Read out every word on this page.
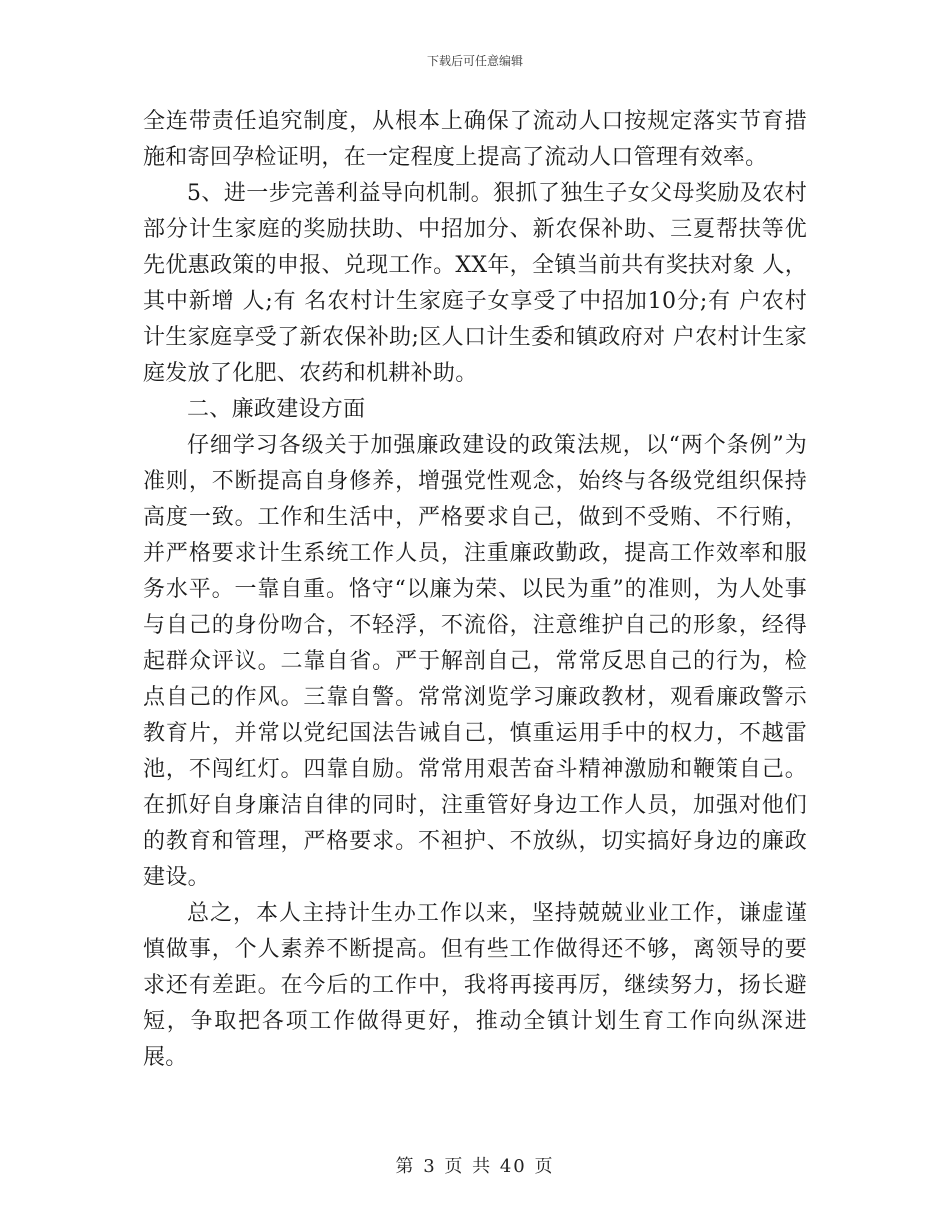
下载后可任意编辑

全连带责任追究制度，从根本上确保了流动人口按规定落实节育措施和寄回孕检证明，在一定程度上提高了流动人口管理有效率。

5、进一步完善利益导向机制。狠抓了独生子女父母奖励及农村部分计生家庭的奖励扶助、中招加分、新农保补助、三夏帮扶等优先优惠政策的申报、兑现工作。XX年，全镇当前共有奖扶对象 人，其中新增 人;有 名农村计生家庭子女享受了中招加10分;有 户农村计生家庭享受了新农保补助;区人口计生委和镇政府对 户农村计生家庭发放了化肥、农药和机耕补助。

二、廉政建设方面

仔细学习各级关于加强廉政建设的政策法规，以“两个条例”为准则，不断提高自身修养，增强党性观念，始终与各级党组织保持高度一致。工作和生活中，严格要求自己，做到不受贿、不行贿，并严格要求计生系统工作人员，注重廉政勤政，提高工作效率和服务水平。一靠自重。恪守“以廉为荣、以民为重”的准则，为人处事与自己的身份吻合，不轻浮，不流俗，注意维护自己的形象，经得起群众评议。二靠自省。严于解剖自己，常常反思自己的行为，检点自己的作风。三靠自警。常常浏览学习廉政教材，观看廉政警示教育片，并常以党纪国法告诫自己，慎重运用手中的权力，不越雷池，不闯红灯。四靠自励。常常用艰苦奋斗精神激励和鞭策自己。在抓好自身廉洁自律的同时，注重管好身边工作人员，加强对他们的教育和管理，严格要求。不袒护、不放纵，切实搞好身边的廉政建设。

总之，本人主持计生办工作以来，坚持兢兢业业工作，谦虚谨慎做事，个人素养不断提高。但有些工作做得还不够，离领导的要求还有差距。在今后的工作中，我将再接再厉，继续努力，扬长避短，争取把各项工作做得更好，推动全镇计划生育工作向纵深进展。

第 3 页 共 40 页
